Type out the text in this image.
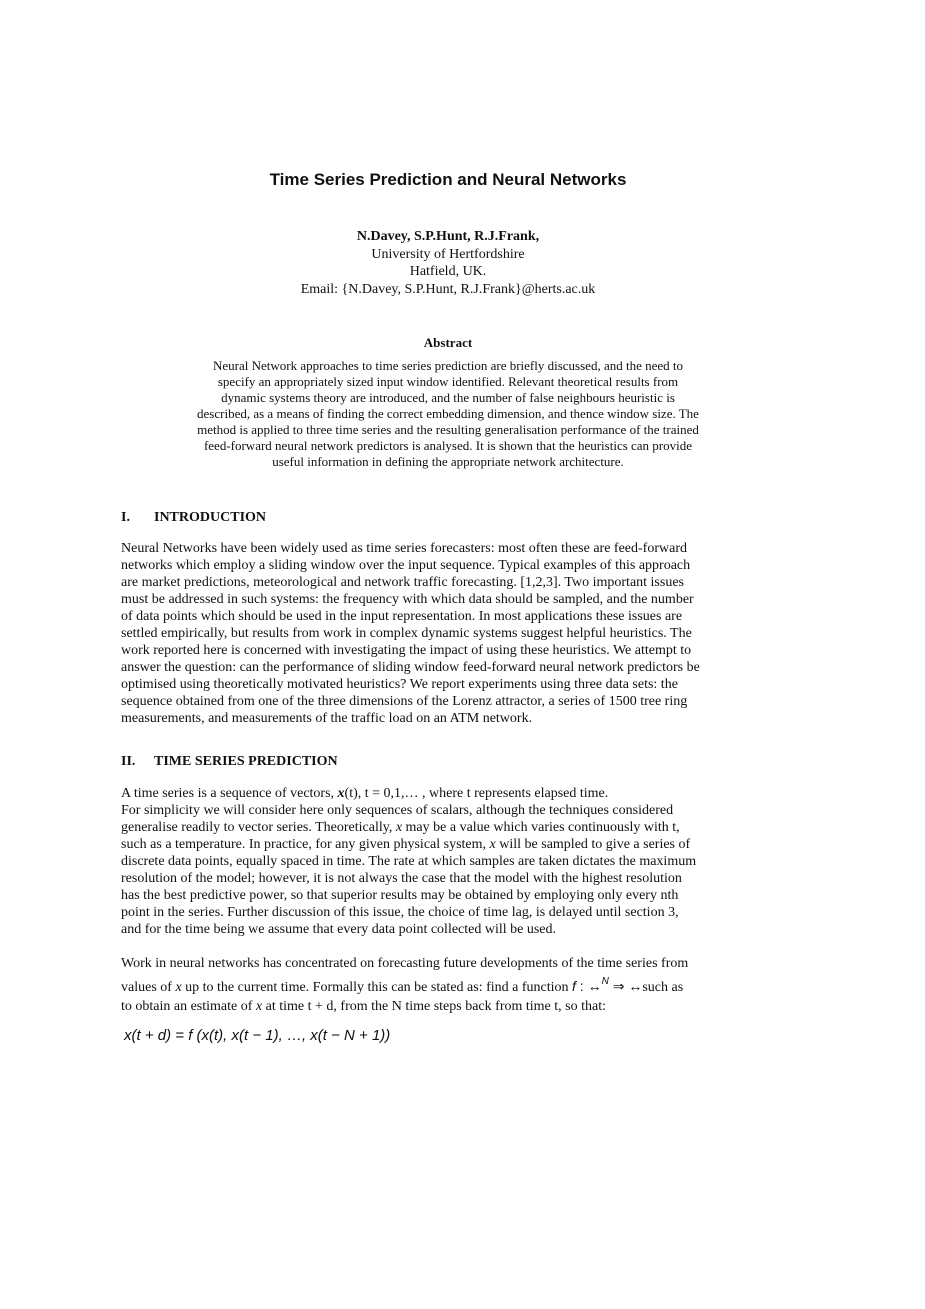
Time Series Prediction and Neural Networks
N.Davey, S.P.Hunt, R.J.Frank,
University of Hertfordshire
Hatfield, UK.
Email: {N.Davey, S.P.Hunt, R.J.Frank}@herts.ac.uk
Abstract
Neural Network approaches to time series prediction are briefly discussed, and the need to
specify an appropriately sized input window identified. Relevant theoretical results from
dynamic systems theory are introduced, and the number of false neighbours heuristic is
described, as a means of finding the correct embedding dimension, and thence window size. The
method is applied to three time series and the resulting generalisation performance of the trained
feed-forward neural network predictors is analysed. It is shown that the heuristics can provide
useful information in defining the appropriate network architecture.
I. INTRODUCTION
Neural Networks have been widely used as time series forecasters: most often these are feed-forward
networks which employ a sliding window over the input sequence. Typical examples of this approach
are market predictions, meteorological and network traffic forecasting. [1,2,3]. Two important issues
must be addressed in such systems: the frequency with which data should be sampled, and the number
of data points which should be used in the input representation. In most applications these issues are
settled empirically, but results from work in complex dynamic systems suggest helpful heuristics. The
work reported here is concerned with investigating the impact of using these heuristics. We attempt to
answer the question: can the performance of sliding window feed-forward neural network predictors be
optimised using theoretically motivated heuristics? We report experiments using three data sets: the
sequence obtained from one of the three dimensions of the Lorenz attractor, a series of 1500 tree ring
measurements, and measurements of the traffic load on an ATM network.
II. TIME SERIES PREDICTION
A time series is a sequence of vectors, x(t), t = 0,1,… , where t represents elapsed time.
For simplicity we will consider here only sequences of scalars, although the techniques considered
generalise readily to vector series. Theoretically, x may be a value which varies continuously with t,
such as a temperature. In practice, for any given physical system, x will be sampled to give a series of
discrete data points, equally spaced in time. The rate at which samples are taken dictates the maximum
resolution of the model; however, it is not always the case that the model with the highest resolution
has the best predictive power, so that superior results may be obtained by employing only every nth
point in the series. Further discussion of this issue, the choice of time lag, is delayed until section 3,
and for the time being we assume that every data point collected will be used.
Work in neural networks has concentrated on forecasting future developments of the time series from
values of x up to the current time. Formally this can be stated as: find a function f : ↔$^N$ ⇒ ↔such as
to obtain an estimate of x at time t + d, from the N time steps back from time t, so that:
x(t + d) = f (x(t), x(t − 1), …, x(t − N + 1))
